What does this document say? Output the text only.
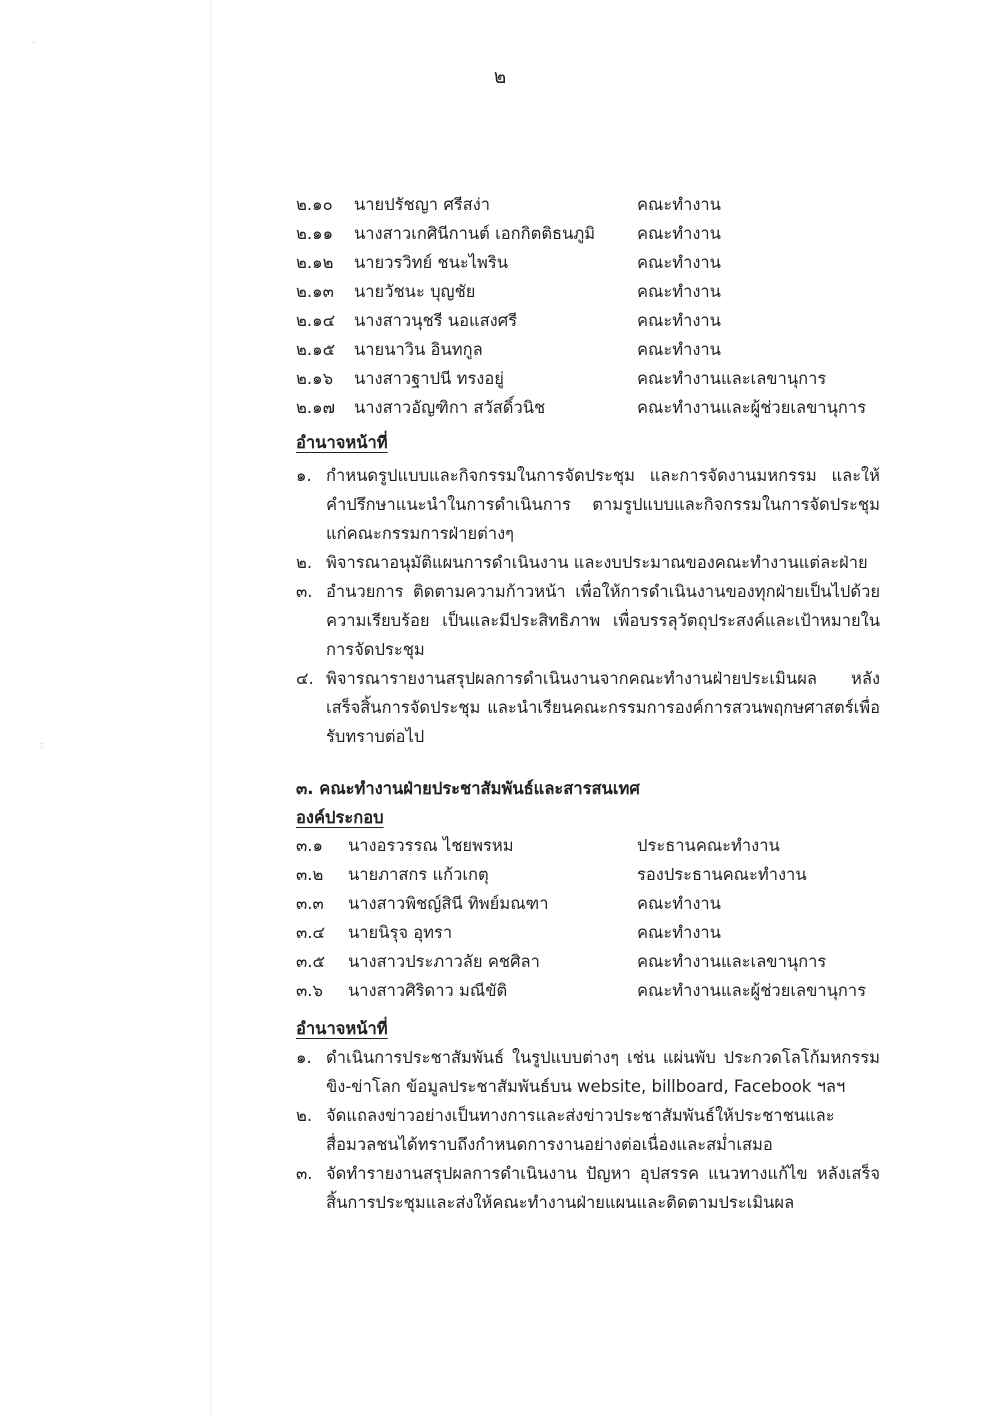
·
:
๒
๒.๑๐ นายปรัชญา ศรีสง่า	คณะทำงาน
๒.๑๑ นางสาวเกศินีกานต์ เอกกิตติธนภูมิ	คณะทำงาน
๒.๑๒ นายวรวิทย์ ชนะไพริน	คณะทำงาน
๒.๑๓ นายวัชนะ บุญชัย	คณะทำงาน
๒.๑๔ นางสาวนุชรี นอแสงศรี	คณะทำงาน
๒.๑๕ นายนาวิน อินทกูล	คณะทำงาน
๒.๑๖ นางสาวฐาปนี ทรงอยู่	คณะทำงานและเลขานุการ
๒.๑๗ นางสาวอัญฑิกา สวัสดิ์วนิช	คณะทำงานและผู้ช่วยเลขานุการ
อำนาจหน้าที่
๑. กำหนดรูปแบบและกิจกรรมในการจัดประชุม และการจัดงานมหกรรม และให้คำปรึกษาแนะนำในการดำเนินการ ตามรูปแบบและกิจกรรมในการจัดประชุมแก่คณะกรรมการฝ่ายต่างๆ
๒. พิจารณาอนุมัติแผนการดำเนินงาน และงบประมาณของคณะทำงานแต่ละฝ่าย
๓. อำนวยการ ติดตามความก้าวหน้า เพื่อให้การดำเนินงานของทุกฝ่ายเป็นไปด้วยความเรียบร้อย เป็นและมีประสิทธิภาพ เพื่อบรรลุวัตถุประสงค์และเป้าหมายในการจัดประชุม
๔. พิจารณารายงานสรุปผลการดำเนินงานจากคณะทำงานฝ่ายประเมินผล หลังเสร็จสิ้นการจัดประชุม และนำเรียนคณะกรรมการองค์การสวนพฤกษศาสตร์เพื่อรับทราบต่อไป
๓. คณะทำงานฝ่ายประชาสัมพันธ์และสารสนเทศ
องค์ประกอบ
๓.๑ นางอรวรรณ ไชยพรหม	ประธานคณะทำงาน
๓.๒ นายภาสกร แก้วเกตุ	รองประธานคณะทำงาน
๓.๓ นางสาวพิชญ์สินี ทิพย์มณฑา	คณะทำงาน
๓.๔ นายนิรุจ อุทรา	คณะทำงาน
๓.๕ นางสาวประภาวลัย คชศิลา	คณะทำงานและเลขานุการ
๓.๖ นางสาวศิริดาว มณีขัติ	คณะทำงานและผู้ช่วยเลขานุการ
อำนาจหน้าที่
๑. ดำเนินการประชาสัมพันธ์ ในรูปแบบต่างๆ เช่น แผ่นพับ ประกวดโลโก้มหกรรมขิง-ข่าโลก ข้อมูลประชาสัมพันธ์บน website, billboard, Facebook ฯลฯ
๒. จัดแถลงข่าวอย่างเป็นทางการและส่งข่าวประชาสัมพันธ์ให้ประชาชนและสื่อมวลชนได้ทราบถึงกำหนดการงานอย่างต่อเนื่องและสม่ำเสมอ
๓. จัดทำรายงานสรุปผลการดำเนินงาน ปัญหา อุปสรรค แนวทางแก้ไข หลังเสร็จสิ้นการประชุมและส่งให้คณะทำงานฝ่ายแผนและติดตามประเมินผล
